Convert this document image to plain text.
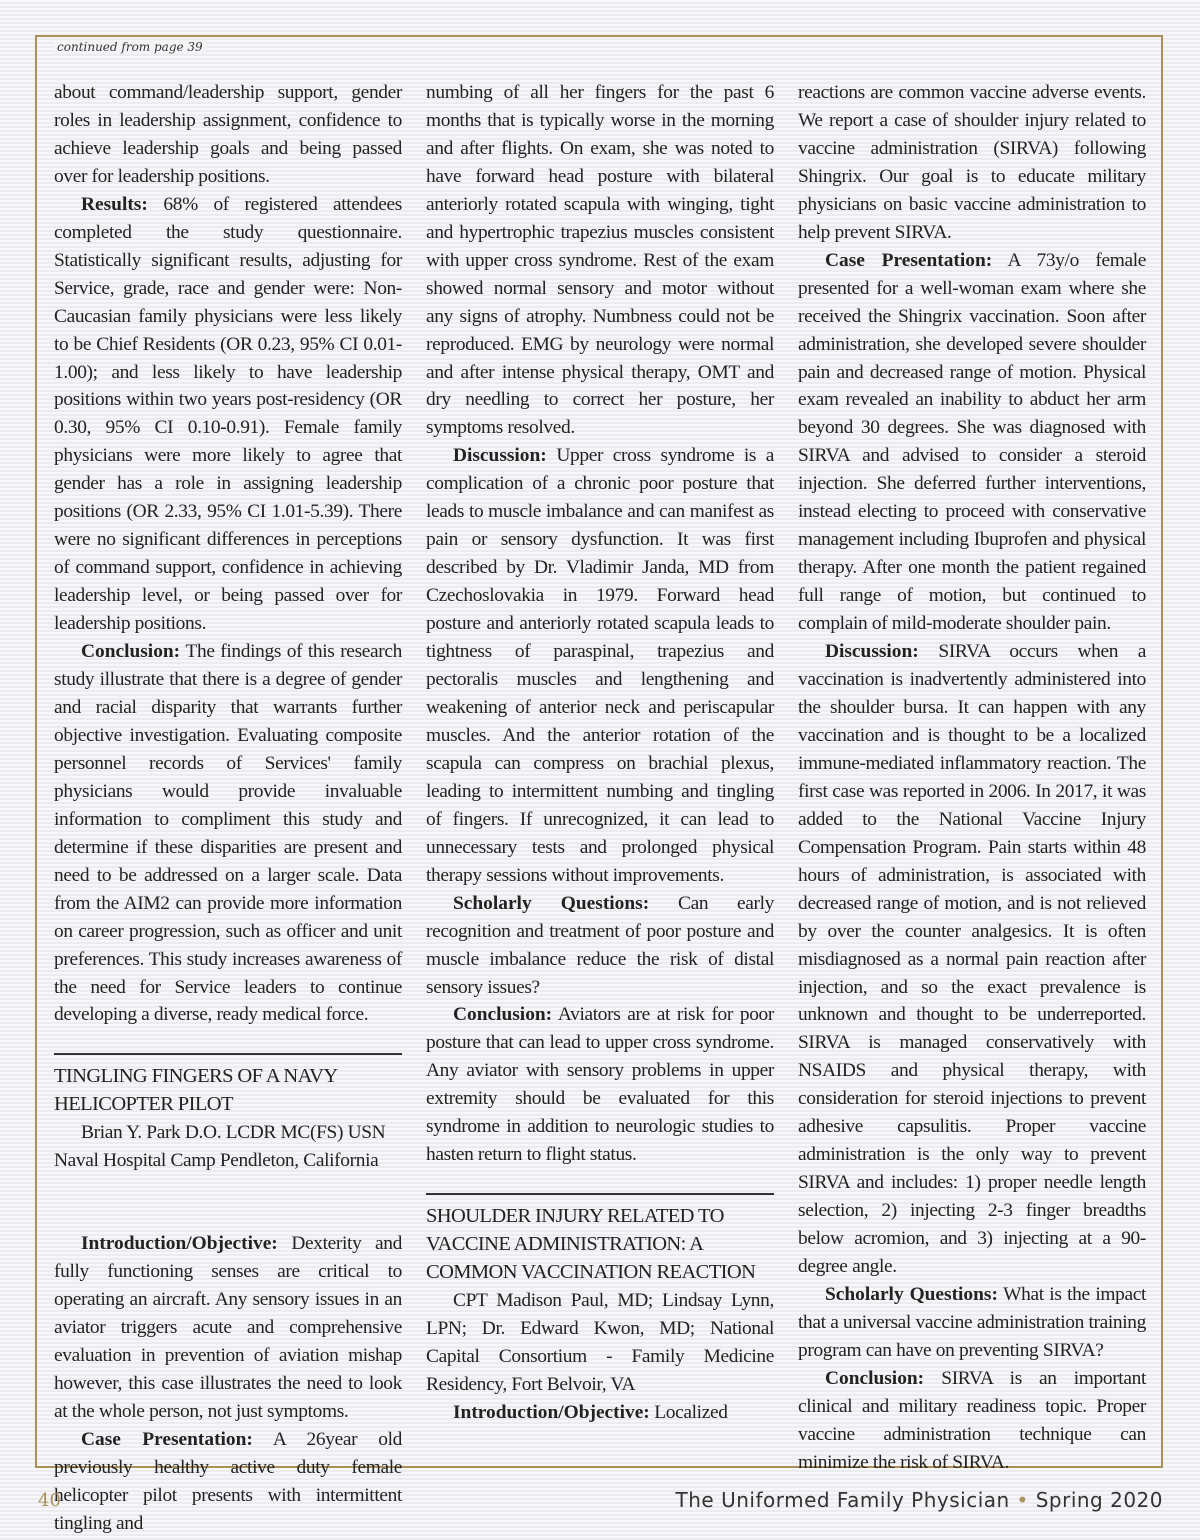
continued from page 39

about command/leadership support, gender roles in leadership assignment, confidence to achieve leadership goals and being passed over for leadership positions.

Results: 68% of registered attendees completed the study questionnaire. Statistically significant results, adjusting for Service, grade, race and gender were: Non-Caucasian family physicians were less likely to be Chief Residents (OR 0.23, 95% CI 0.01-1.00); and less likely to have leadership positions within two years post-residency (OR 0.30, 95% CI 0.10-0.91). Female family physicians were more likely to agree that gender has a role in assigning leadership positions (OR 2.33, 95% CI 1.01-5.39). There were no significant differences in perceptions of command support, confidence in achieving leadership level, or being passed over for leadership positions.

Conclusion: The findings of this research study illustrate that there is a degree of gender and racial disparity that warrants further objective investigation. Evaluating composite personnel records of Services' family physicians would provide invaluable information to compliment this study and determine if these disparities are present and need to be addressed on a larger scale. Data from the AIM2 can provide more information on career progression, such as officer and unit preferences. This study increases awareness of the need for Service leaders to continue developing a diverse, ready medical force.

TINGLING FINGERS OF A NAVY HELICOPTER PILOT

Brian Y. Park D.O. LCDR MC(FS) USN

Naval Hospital Camp Pendleton, California

Introduction/Objective: Dexterity and fully functioning senses are critical to operating an aircraft. Any sensory issues in an aviator triggers acute and comprehensive evaluation in prevention of aviation mishap however, this case illustrates the need to look at the whole person, not just symptoms.

Case Presentation: A 26year old previously healthy active duty female helicopter pilot presents with intermittent tingling and

numbing of all her fingers for the past 6 months that is typically worse in the morning and after flights. On exam, she was noted to have forward head posture with bilateral anteriorly rotated scapula with winging, tight and hypertrophic trapezius muscles consistent with upper cross syndrome. Rest of the exam showed normal sensory and motor without any signs of atrophy. Numbness could not be reproduced. EMG by neurology were normal and after intense physical therapy, OMT and dry needling to correct her posture, her symptoms resolved.

Discussion: Upper cross syndrome is a complication of a chronic poor posture that leads to muscle imbalance and can manifest as pain or sensory dysfunction. It was first described by Dr. Vladimir Janda, MD from Czechoslovakia in 1979. Forward head posture and anteriorly rotated scapula leads to tightness of paraspinal, trapezius and pectoralis muscles and lengthening and weakening of anterior neck and periscapular muscles. And the anterior rotation of the scapula can compress on brachial plexus, leading to intermittent numbing and tingling of fingers. If unrecognized, it can lead to unnecessary tests and prolonged physical therapy sessions without improvements.

Scholarly Questions: Can early recognition and treatment of poor posture and muscle imbalance reduce the risk of distal sensory issues?

Conclusion: Aviators are at risk for poor posture that can lead to upper cross syndrome. Any aviator with sensory problems in upper extremity should be evaluated for this syndrome in addition to neurologic studies to hasten return to flight status.

SHOULDER INJURY RELATED TO VACCINE ADMINISTRATION: A COMMON VACCINATION REACTION

CPT Madison Paul, MD; Lindsay Lynn, LPN; Dr. Edward Kwon, MD; National Capital Consortium - Family Medicine Residency, Fort Belvoir, VA

Introduction/Objective: Localized

reactions are common vaccine adverse events. We report a case of shoulder injury related to vaccine administration (SIRVA) following Shingrix. Our goal is to educate military physicians on basic vaccine administration to help prevent SIRVA.

Case Presentation: A 73y/o female presented for a well-woman exam where she received the Shingrix vaccination. Soon after administration, she developed severe shoulder pain and decreased range of motion. Physical exam revealed an inability to abduct her arm beyond 30 degrees. She was diagnosed with SIRVA and advised to consider a steroid injection. She deferred further interventions, instead electing to proceed with conservative management including Ibuprofen and physical therapy. After one month the patient regained full range of motion, but continued to complain of mild-moderate shoulder pain.

Discussion: SIRVA occurs when a vaccination is inadvertently administered into the shoulder bursa. It can happen with any vaccination and is thought to be a localized immune-mediated inflammatory reaction. The first case was reported in 2006. In 2017, it was added to the National Vaccine Injury Compensation Program. Pain starts within 48 hours of administration, is associated with decreased range of motion, and is not relieved by over the counter analgesics. It is often misdiagnosed as a normal pain reaction after injection, and so the exact prevalence is unknown and thought to be underreported. SIRVA is managed conservatively with NSAIDS and physical therapy, with consideration for steroid injections to prevent adhesive capsulitis. Proper vaccine administration is the only way to prevent SIRVA and includes: 1) proper needle length selection, 2) injecting 2-3 finger breadths below acromion, and 3) injecting at a 90-degree angle.

Scholarly Questions: What is the impact that a universal vaccine administration training program can have on preventing SIRVA?

Conclusion: SIRVA is an important clinical and military readiness topic. Proper vaccine administration technique can minimize the risk of SIRVA.

40	The Uniformed Family Physician • Spring 2020
